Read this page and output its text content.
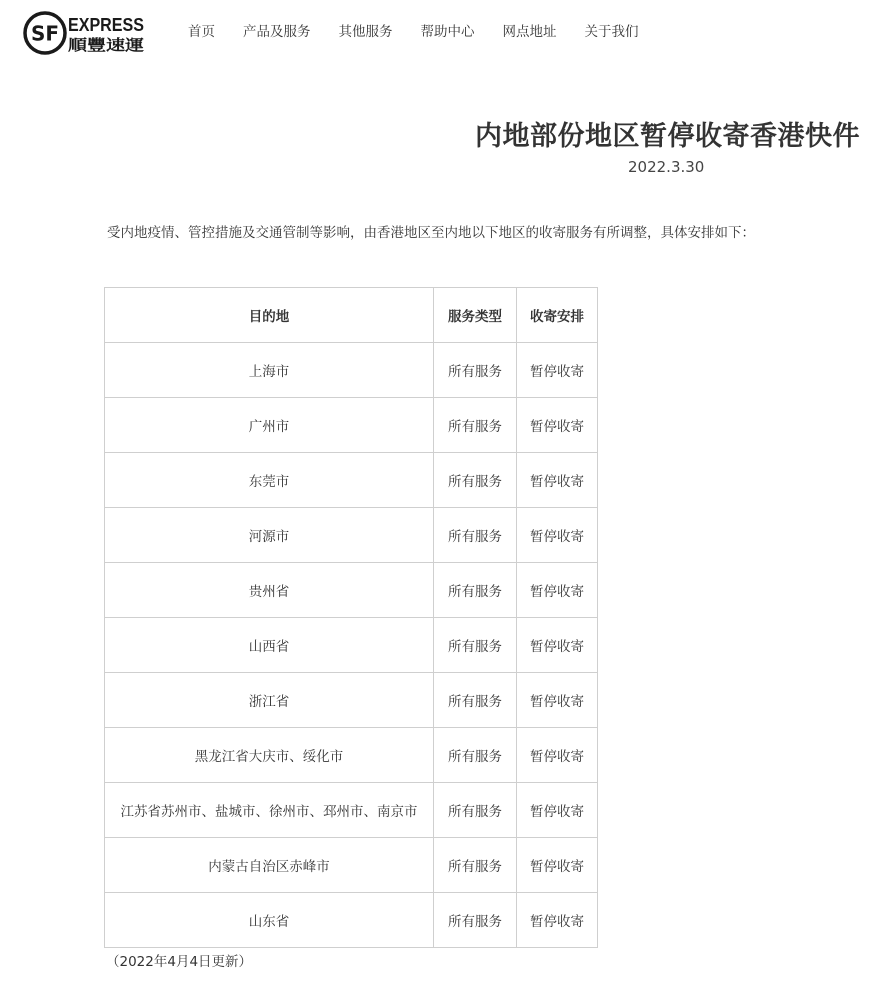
SF EXPRESS
順豐速運
首页 产品及服务 其他服务 帮助中心 网点地址 关于我们
内地部份地区暂停收寄香港快件
2022.3.30
受内地疫情、管控措施及交通管制等影响，由香港地区至内地以下地区的收寄服务有所调整，具体安排如下：
目的地	服务类型	收寄安排
上海市	所有服务	暂停收寄
广州市	所有服务	暂停收寄
东莞市	所有服务	暂停收寄
河源市	所有服务	暂停收寄
贵州省	所有服务	暂停收寄
山西省	所有服务	暂停收寄
浙江省	所有服务	暂停收寄
黑龙江省大庆市、绥化市	所有服务	暂停收寄
江苏省苏州市、盐城市、徐州市、邳州市、南京市	所有服务	暂停收寄
内蒙古自治区赤峰市	所有服务	暂停收寄
山东省	所有服务	暂停收寄
（2022年4月4日更新）
